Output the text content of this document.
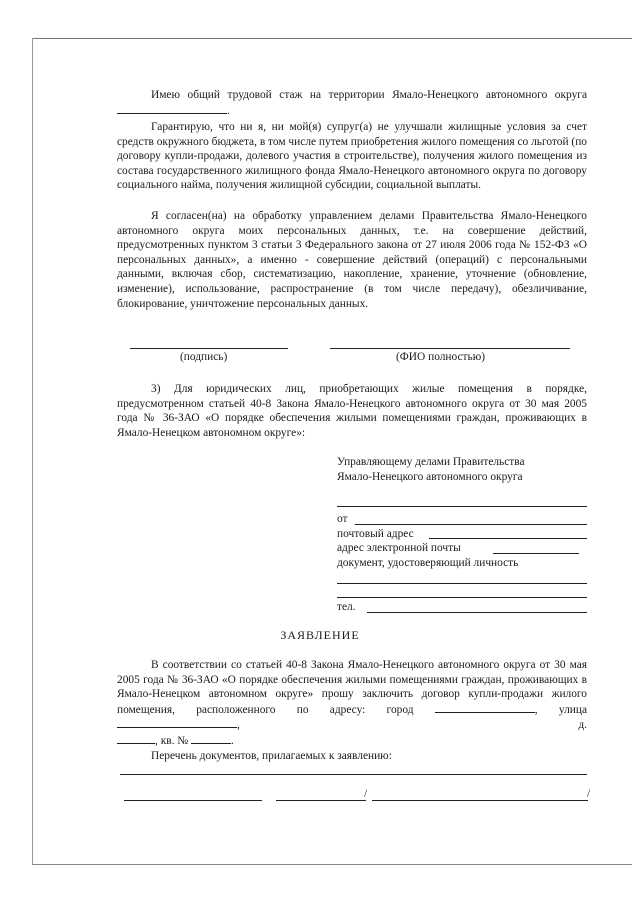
Имею общий трудовой стаж на территории Ямало-Ненецкого автономного округа .

Гарантирую, что ни я, ни мой(я) супруг(а) не улучшали жилищные условия за счет средств окружного бюджета, в том числе путем приобретения жилого помещения со льготой (по договору купли-продажи, долевого участия в строительстве), получения жилого помещения из состава государственного жилищного фонда Ямало-Ненецкого автономного округа по договору социального найма, получения жилищной субсидии, социальной выплаты.

Я согласен(на) на обработку управлением делами Правительства Ямало-Ненецкого автономного округа моих персональных данных, т.е. на совершение действий, предусмотренных пунктом 3 статьи 3 Федерального закона от 27 июля 2006 года № 152-ФЗ «О персональных данных», а именно - совершение действий (операций) с персональными данными, включая сбор, систематизацию, накопление, хранение, уточнение (обновление, изменение), использование, распространение (в том числе передачу), обезличивание, блокирование, уничтожение персональных данных.

(подпись)	(ФИО полностью)

3) Для юридических лиц, приобретающих жилые помещения в порядке, предусмотренном статьей 40-8 Закона Ямало-Ненецкого автономного округа от 30 мая 2005 года № 36-ЗАО «О порядке обеспечения жилыми помещениями граждан, проживающих в Ямало-Ненецком автономном округе»:

Управляющему делами Правительства
Ямало-Ненецкого автономного округа
от
почтовый адрес
адрес электронной почты
документ, удостоверяющий личность
тел.
ЗАЯВЛЕНИЕ

В соответствии со статьей 40-8 Закона Ямало-Ненецкого автономного округа от 30 мая 2005 года № 36-ЗАО «О порядке обеспечения жилыми помещениями граждан, проживающих в Ямало-Ненецком автономном округе» прошу заключить договор купли-продажи жилого помещения, расположенного по адресу: город	, улица , д.

, кв. №	.

Перечень документов, прилагаемых к заявлению:

/	/
